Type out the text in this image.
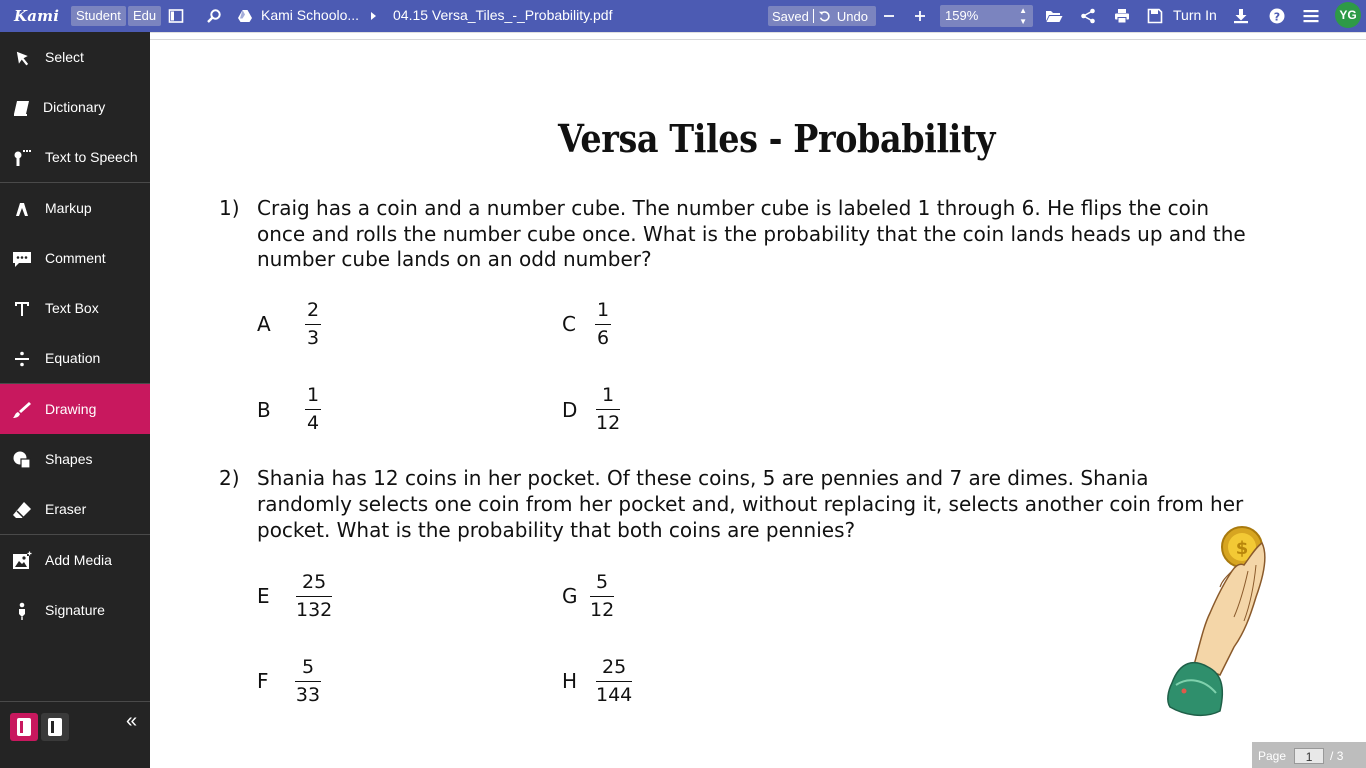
Kami	Student Edu	Kami Schoolo... 04.15 Versa_Tiles_-_Probability.pdf	Saved	Undo	159%	▲
▼	Turn In	?	YG
Select
Dictionary
Text to Speech
Markup
Comment
Text Box
Equation
Drawing
Shapes
Eraser
Add Media
Signature
«
Versa Tiles - Probability
1) Craig has a coin and a number cube. The number cube is labeled 1 through 6. He flips the coin
once and rolls the number cube once. What is the probability that the coin lands heads up and the
number cube lands on an odd number?
A
2
3
C
1
6
B
1
4
D
1
12
2) Shania has 12 coins in her pocket. Of these coins, 5 are pennies and 7 are dimes. Shania
randomly selects one coin from her pocket and, without replacing it, selects another coin from her
pocket. What is the probability that both coins are pennies?
E
25
132
G
5
12
F
5
33
H
25
144
$
Page	1	/ 3
